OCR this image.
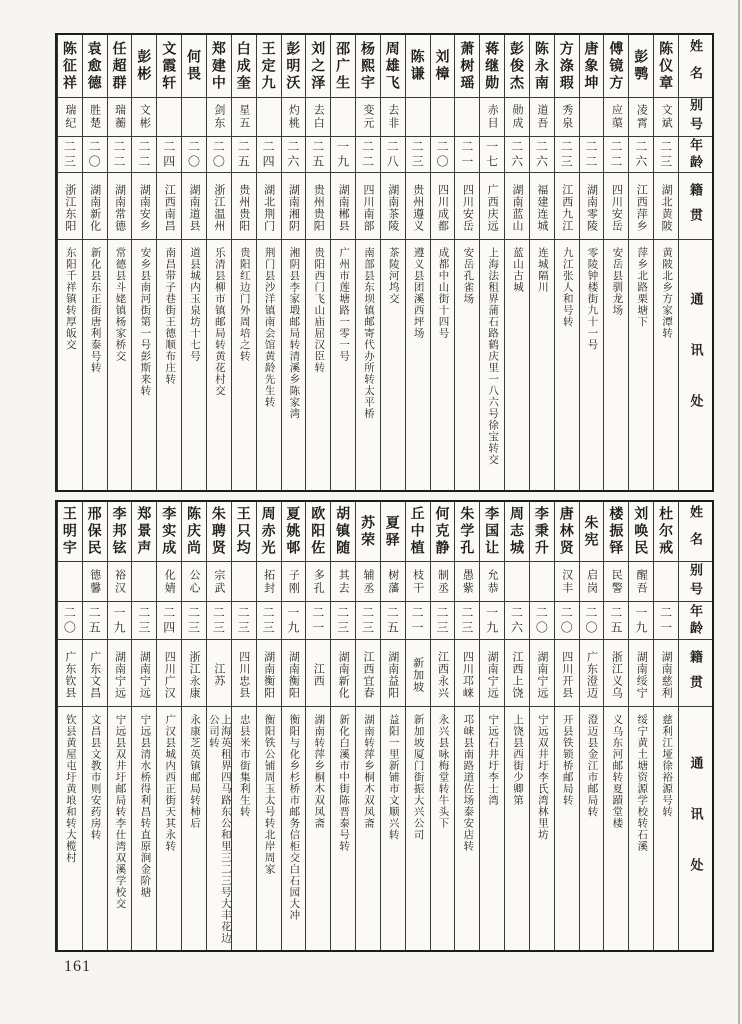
姓名
别号
年龄
籍贯
通讯处
陈仪章
文斌
二三
湖北黄陂
黄陂北乡方家潭转
彭鹗
凌霄
二六
江西萍乡
萍乡北路栗塘下
傅镜方
应蕖
二二
四川安岳
安岳县驯龙场
唐象坤
二二
湖南零陵
零陵钟楼街九十一号
方涤瑕
秀泉
二三
江西九江
九江张人和号转
陈永南
道吾
二六
福建连城
连城隔川
彭俊杰
勋成
二六
湖南蓝山
蓝山古城
蒋继勋
赤目
一七
广西庆远
上海法租界蒲石路鹤庆里一八六号徐宝转交
萧树瑶
二一
四川安岳
安岳孔雀场
刘樟
二〇
四川成都
成都中山街十四号
陈谦
二三
贵州遵义
遵义县团溪西坪场
周雄飞
去非
二八
湖南茶陵
茶陵河坞交
杨熙宇
变元
二二
四川南部
南部县东坝镇邮寄代办所转太平桥
邵广生
一九
湖南郴县
广州市莲塘路一零一号
刘之泽
去白
二五
贵州贵阳
贵阳西门飞山庙屈汉臣转
彭明沃
灼桃
二六
湖南湘阴
湘阴县李家塅邮局转清溪乡陈家湾
王定九
二四
湖北荆门
荆门县沙洋镇南会馆黄龄先生转
白成奎
星五
二五
贵州贵阳
贵阳红边门外周培之转
郑建中
剑东
二〇
浙江温州
乐清县柳市镇邮局转黄花村交
何畏
二〇
湖南道县
道县城内玉泉坊十七号
文霞轩
二四
江西南昌
南昌带子巷街王德顺布庄转
彭彬
文彬
二二
湖南安乡
安乡县南河街第一号彭斯来转
任超群
瑞蘅
二二
湖南常德
常德县斗姥镇杨家桥交
袁愈德
胜楚
二〇
湖南新化
新化县东正街唐利泰号转
陈征祥
瑞纪
二三
浙江东阳
东阳千祥镇转厚皈交
姓名
别号
年龄
籍贯
通讯处
杜尔戒
二一
湖南慈利
慈利江垭徐裕源号转
刘唤民
醒吾
一九
湖南绥宁
绥宁黄土塘资源学校转石溪
楼振铎
民警
二五
浙江义乌
义乌东河邮转夏蹟堂楼
朱宪
启岗
二〇
广东澄迈
澄迈县金江市邮局转
唐林贤
汉丰
二〇
四川开县
开县铁锁桥邮局转
李秉升
二〇
湖南宁远
宁远双井圩李氏湾林里坊
周志城
二六
江西上饶
上饶县西街少卿第
李国让
允恭
一九
湖南宁远
宁远石井圩李士湾
朱学孔
愚紫
二三
四川邛崃
邛崃县南路道佐场泰安店转
何克静
制丞
二三
江西永兴
永兴县咏梅堂转牛头下
丘中植
枝干
二一
新加坡
新加坡厦门街振大兴公司
夏驿
树藩
二五
湖南益阳
益阳一里新铺市文顺兴转
苏荣
辅丞
二三
江西宜春
湖南转萍乡桐木双凤斋
胡镇随
其去
二三
湖南新化
新化白溪市中街陈晋泰号转
欧阳佐
多孔
二一
江西
湖南转萍乡桐木双凤斋
夏姚邨
子刚
一九
湖南衡阳
衡阳与化乡杉桥市邮务信柜交白石园大冲
周赤光
拓封
二三
湖南衡阳
衡阳铁公铺周玉太号转北岸周家
王只均
二三
四川忠县
忠县米市街集利生转
朱聘贤
宗武
二三
江苏
上海英租界四马路东公和里三二三号大丰花边公司转
陈庆尚
公心
二三
浙江永康
永康芝英镇邮局转柿后
李实成
化婧
二四
四川广汉
广汉县城内西正街天其永转
郑景声
二三
湖南宁远
宁远县清水桥得利昌转直原涧金阶塘
李邦铉
裕汉
一九
湖南宁远
宁远县双井圩邮局转李仕湾双溪学校交
邢保民
德馨
二五
广东文昌
文昌县文教市则安药房转
王明宇
二〇
广东钦县
钦县黄屋屯圩黄埌和转大榄村
161
